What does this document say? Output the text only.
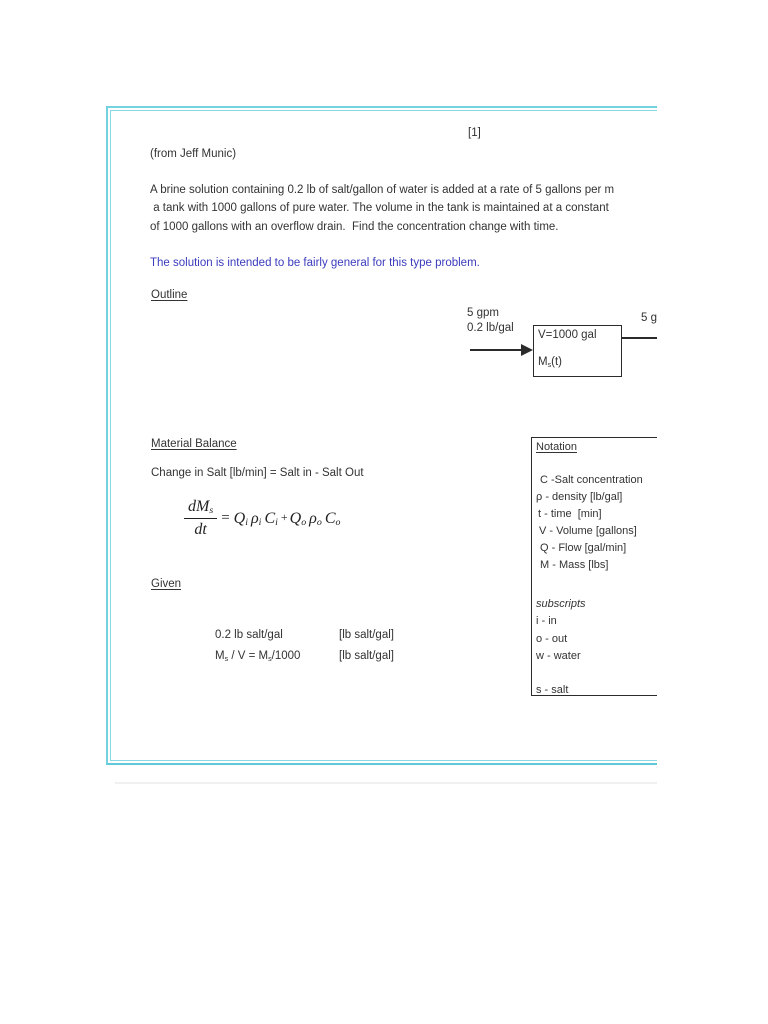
[1]
(from Jeff Munic)
A brine solution containing 0.2 lb of salt/gallon of water is added at a rate of 5 gallons per m
a tank with 1000 gallons of pure water. The volume in the tank is maintained at a constant
of 1000 gallons with an overflow drain.  Find the concentration change with time.
The solution is intended to be fairly general for this type problem.
Outline
5 gpm
0.2 lb/gal
V=1000 gal
$M_s(t)$
5 g
Material Balance
Change in Salt [lb/min] = Salt in - Salt Out
$\frac{dM_s}{dt} = Q_i$ $\rho_i$ $C_i + Q_o$ $\rho_o$ $C_o$
Given
0.2 lb salt/gal	[lb salt/gal]
$M_s / V = M_s/1000$	[lb salt/gal]
Notation
C -Salt concentration
ρ - density [lb/gal]
t - time  [min]
V - Volume [gallons]
Q - Flow [gal/min]
M - Mass [lbs]
subscripts
i - in
o - out
w - water
s - salt
